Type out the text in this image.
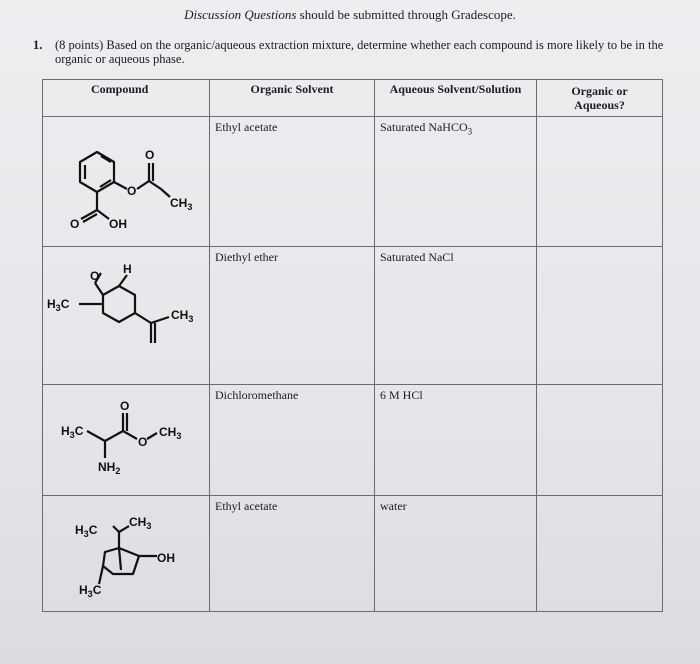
Discussion Questions should be submitted through Gradescope.
1. (8 points) Based on the organic/aqueous extraction mixture, determine whether each compound is more likely to be in the organic or aqueous phase.
Compound	Organic Solvent	Aqueous Solvent/Solution	Organic or
Aqueous?

O
O
$CH_3$
O OH	Ethyl acetate	Saturated NaHCO$_3$

$H_3C$
O H
$CH_3$	Diethyl ether	Saturated NaCl	

$H_3C$
O
O
$CH_3$
$NH_2$	Dichloromethane	6 M HCl	

$H_3C$
$CH_3$
OH
$H_3C$	Ethyl acetate	water	
